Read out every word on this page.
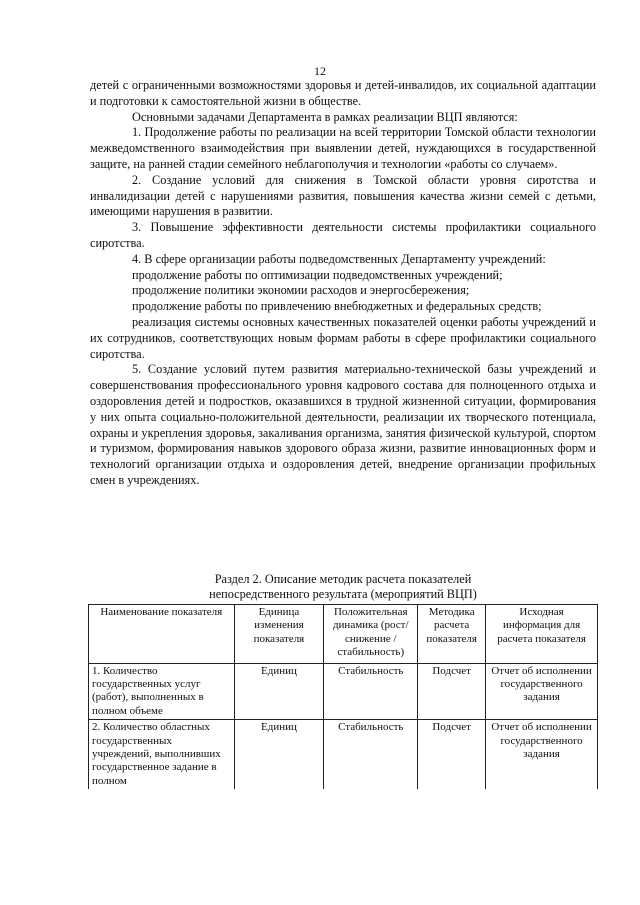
12

детей с ограниченными возможностями здоровья и детей-инвалидов, их социальной адаптации и подготовки к самостоятельной жизни в обществе.

Основными задачами Департамента в рамках реализации ВЦП являются:

1. Продолжение работы по реализации на всей территории Томской области технологии межведомственного взаимодействия при выявлении детей, нуждающихся в государственной защите, на ранней стадии семейного неблагополучия и технологии «работы со случаем».

2. Создание условий для снижения в Томской области уровня сиротства и инвалидизации детей с нарушениями развития, повышения качества жизни семей с детьми, имеющими нарушения в развитии.

3. Повышение эффективности деятельности системы профилактики социального сиротства.

4. В сфере организации работы подведомственных Департаменту учреждений:

продолжение работы по оптимизации подведомственных учреждений;

продолжение политики экономии расходов и энергосбережения;

продолжение работы по привлечению внебюджетных и федеральных средств;

реализация системы основных качественных показателей оценки работы учреждений и их сотрудников, соответствующих новым формам работы в сфере профилактики социального сиротства.

5. Создание условий путем развития материально-технической базы учреждений и совершенствования профессионального уровня кадрового состава для полноценного отдыха и оздоровления детей и подростков, оказавшихся в трудной жизненной ситуации, формирования у них опыта социально-положительной деятельности, реализации их творческого потенциала, охраны и укрепления здоровья, закаливания организма, занятия физической культурой, спортом и туризмом, формирования навыков здорового образа жизни, развитие инновационных форм и технологий организации отдыха и оздоровления детей, внедрение организации профильных смен в учреждениях.

Раздел 2. Описание методик расчета показателей
непосредственного результата (мероприятий ВЦП)
Наименование показателя	Единица изменения показателя	Положительная динамика (рост/снижение /стабильность)	Методика расчета показателя	Исходная информация для расчета показателя
1. Количество государственных услуг (работ), выполненных в полном объеме	Единиц	Стабильность	Подсчет	Отчет об исполнении государственного задания
2. Количество областных государственных учреждений, выполнивших государственное задание в полном	Единиц	Стабильность	Подсчет	Отчет об исполнении государственного задания
